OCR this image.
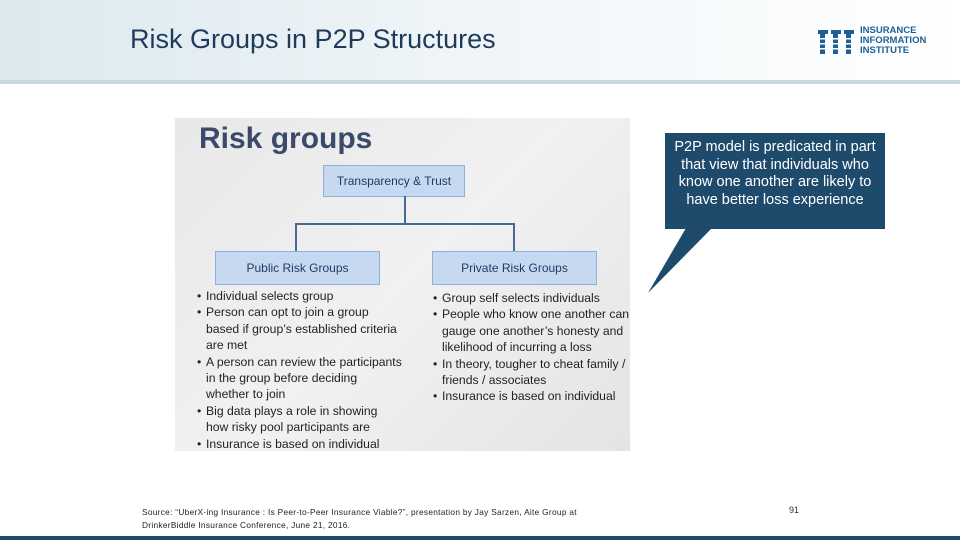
Risk Groups in P2P Structures	INSURANCE
INFORMATION
INSTITUTE
Risk groups
Transparency & Trust
Public Risk Groups	Private Risk Groups
• Individual selects group
• Person can opt to join a group based if group’s established criteria are met
• A person can review the participants in the group before deciding whether to join
• Big data plays a role in showing how risky pool participants are
• Insurance is based on individual
• Group self selects individuals
• People who know one another can gauge one another’s honesty and likelihood of incurring a loss
• In theory, tougher to cheat family / friends / associates
• Insurance is based on individual
P2P model is predicated in part that view that individuals who know one another are likely to have better loss experience
Source: “UberX-ing Insurance : Is Peer-to-Peer Insurance Viable?”, presentation by Jay Sarzen, Aite Group at
DrinkerBiddle Insurance Conference, June 21, 2016.
91
